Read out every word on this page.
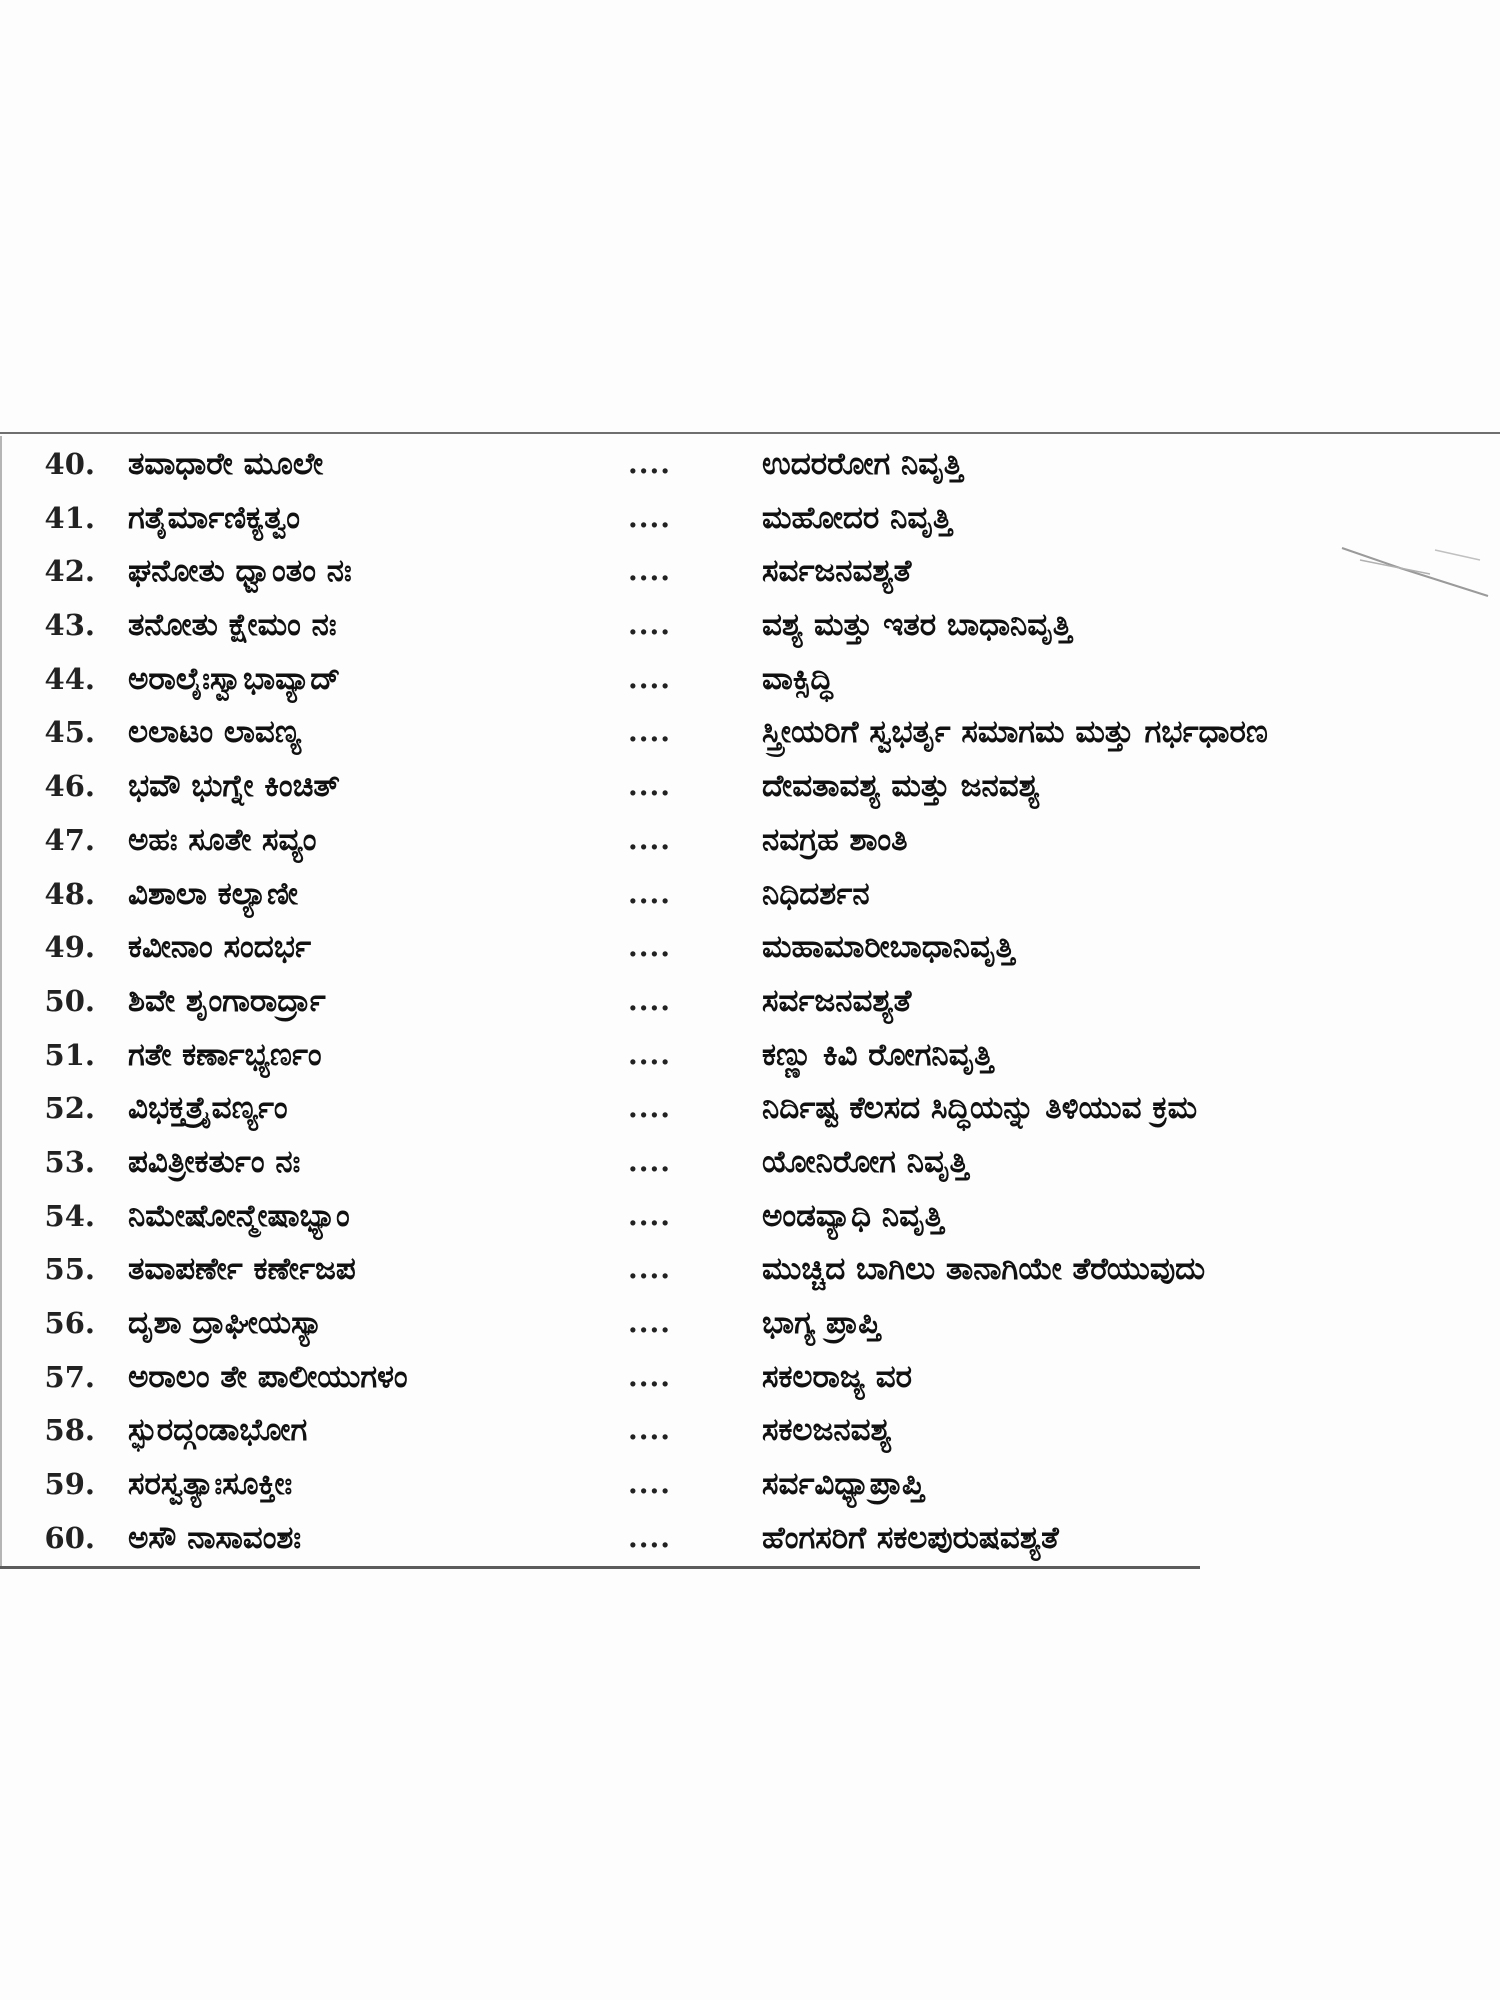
40. ತವಾಧಾರೇ ಮೂಲೇ	....	ಉದರರೋಗ ನಿವೃತ್ತಿ
41. ಗತೈರ್ಮಾಣಿಕ್ಯತ್ವಂ	....	ಮಹೋದರ ನಿವೃತ್ತಿ
42. ಘನೋತು ಧ್ವಾಂತಂ ನಃ	....	ಸರ್ವಜನವಶ್ಯತೆ
43. ತನೋತು ಕ್ಷೇಮಂ ನಃ	....	ವಶ್ಯ ಮತ್ತು ಇತರ ಬಾಧಾನಿವೃತ್ತಿ
44. ಅರಾಲೈಃಸ್ವಾಭಾವ್ಯಾದ್	....	ವಾಕ್ಸಿದ್ಧಿ
45. ಲಲಾಟಂ ಲಾವಣ್ಯ	....	ಸ್ತ್ರೀಯರಿಗೆ ಸ್ವಭರ್ತೃ ಸಮಾಗಮ ಮತ್ತು ಗರ್ಭಧಾರಣ
46. ಭವೌ ಭುಗ್ನೇ ಕಿಂಚಿತ್	....	ದೇವತಾವಶ್ಯ ಮತ್ತು ಜನವಶ್ಯ
47. ಅಹಃ ಸೂತೇ ಸವ್ಯಂ	....	ನವಗ್ರಹ ಶಾಂತಿ
48. ವಿಶಾಲಾ ಕಲ್ಯಾಣೀ	....	ನಿಧಿದರ್ಶನ
49. ಕವೀನಾಂ ಸಂದರ್ಭ	....	ಮಹಾಮಾರೀಬಾಧಾನಿವೃತ್ತಿ
50. ಶಿವೇ ಶೃಂಗಾರಾರ್ದ್ರಾ	....	ಸರ್ವಜನವಶ್ಯತೆ
51. ಗತೇ ಕರ್ಣಾಭ್ಯರ್ಣಂ	....	ಕಣ್ಣು ಕಿವಿ ರೋಗನಿವೃತ್ತಿ
52. ವಿಭಕ್ತತ್ರೈವರ್ಣ್ಯಂ	....	ನಿರ್ದಿಷ್ಟ ಕೆಲಸದ ಸಿದ್ಧಿಯನ್ನು ತಿಳಿಯುವ ಕ್ರಮ
53. ಪವಿತ್ರೀಕರ್ತುಂ ನಃ	....	ಯೋನಿರೋಗ ನಿವೃತ್ತಿ
54. ನಿಮೇಷೋನ್ಮೇಷಾಭ್ಯಾಂ	....	ಅಂಡವ್ಯಾಧಿ ನಿವೃತ್ತಿ
55. ತವಾಪರ್ಣೇ ಕರ್ಣೇಜಪ	....	ಮುಚ್ಚಿದ ಬಾಗಿಲು ತಾನಾಗಿಯೇ ತೆರೆಯುವುದು
56. ದೃಶಾ ದ್ರಾಘೀಯಸ್ಯಾ	....	ಭಾಗ್ಯ ಪ್ರಾಪ್ತಿ
57. ಅರಾಲಂ ತೇ ಪಾಲೀಯುಗಳಂ	....	ಸಕಲರಾಜ್ಯ ವರ
58. ಸ್ಫುರದ್ಗಂಡಾಭೋಗ	....	ಸಕಲಜನವಶ್ಯ
59. ಸರಸ್ವತ್ಯಾಃಸೂಕ್ತೀಃ	....	ಸರ್ವವಿಧ್ಯಾಪ್ರಾಪ್ತಿ
60. ಅಸೌ ನಾಸಾವಂಶಃ	....	ಹೆಂಗಸರಿಗೆ ಸಕಲಪುರುಷವಶ್ಯತೆ
